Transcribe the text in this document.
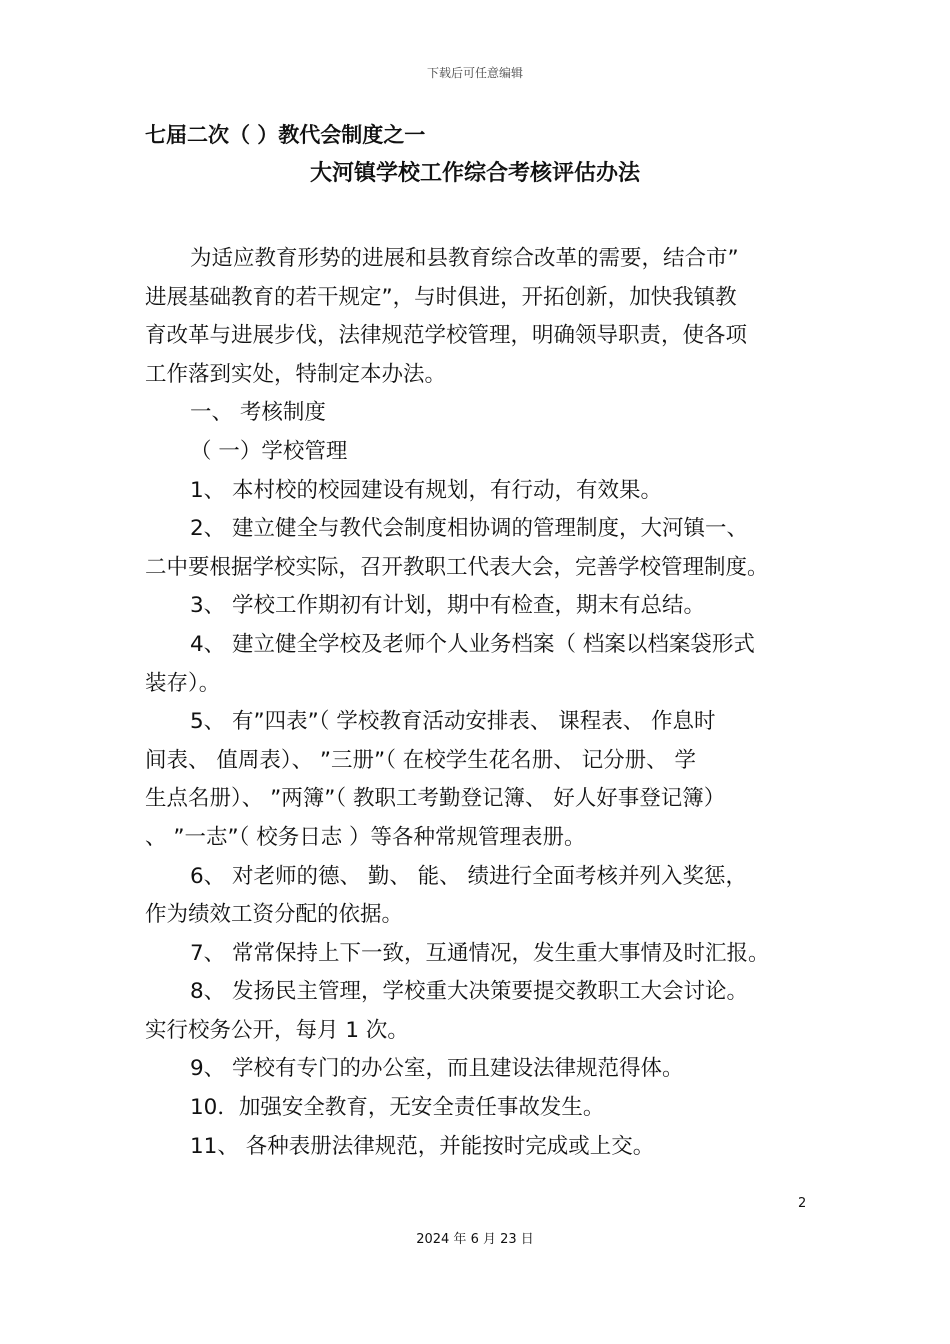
下载后可任意编辑
七届二次（ ）教代会制度之一
大河镇学校工作综合考核评估办法

为适应教育形势的进展和县教育综合改革的需要，结合市”
进展基础教育的若干规定”，与时俱进，开拓创新，加快我镇教
育改革与进展步伐，法律规范学校管理，明确领导职责，使各项
工作落到实处，特制定本办法。

一、 考核制度

（ 一）学校管理

1、 本村校的校园建设有规划，有行动，有效果。

2、 建立健全与教代会制度相协调的管理制度，大河镇一、
二中要根据学校实际，召开教职工代表大会，完善学校管理制度。

3、 学校工作期初有计划，期中有检查，期末有总结。

4、 建立健全学校及老师个人业务档案（ 档案以档案袋形式
装存）。

5、 有”四表”（ 学校教育活动安排表、 课程表、 作息时
间表、 值周表）、 ”三册”（ 在校学生花名册、 记分册、 学
生点名册）、 ”两簿”（ 教职工考勤登记簿、 好人好事登记簿）
、 ”一志”（ 校务日志 ）等各种常规管理表册。

6、 对老师的德、 勤、 能、 绩进行全面考核并列入奖惩，
作为绩效工资分配的依据。

7、 常常保持上下一致，互通情况，发生重大事情及时汇报。

8、 发扬民主管理，学校重大决策要提交教职工大会讨论。
实行校务公开，每月 1 次。

9、 学校有专门的办公室，而且建设法律规范得体。

10．加强安全教育，无安全责任事故发生。

11、 各种表册法律规范，并能按时完成或上交。

2
2024 年 6 月 23 日
